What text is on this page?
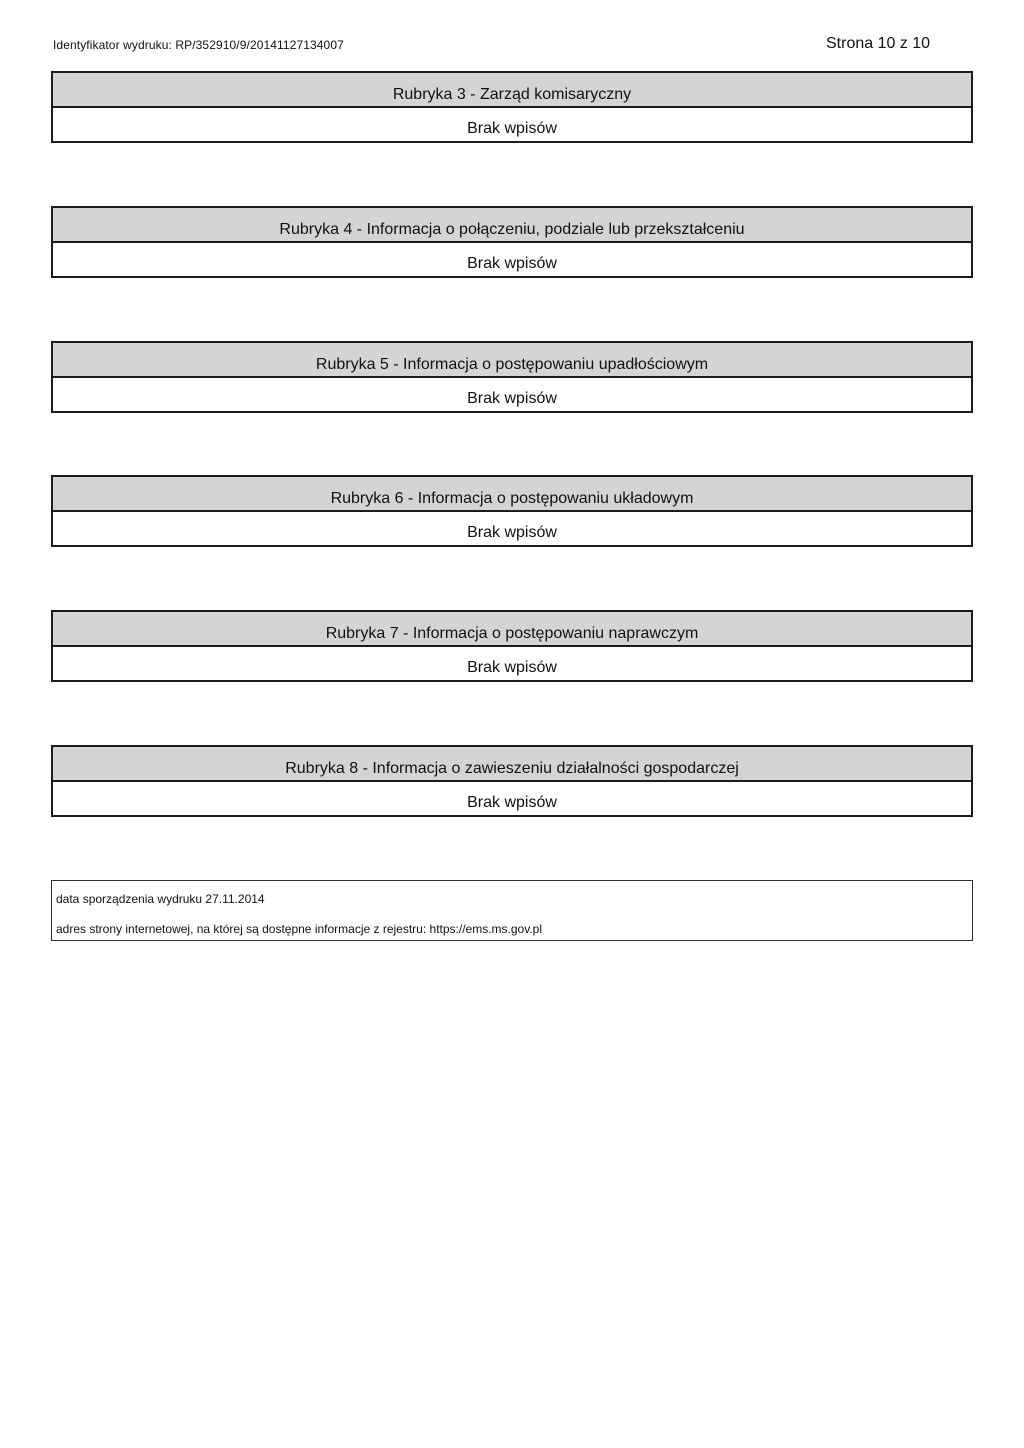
Identyfikator wydruku: RP/352910/9/20141127134007	Strona 10 z 10
Rubryka 3 - Zarząd komisaryczny
Brak wpisów
Rubryka 4 - Informacja o połączeniu, podziale lub przekształceniu
Brak wpisów
Rubryka 5 - Informacja o postępowaniu upadłościowym
Brak wpisów
Rubryka 6 - Informacja o postępowaniu układowym
Brak wpisów
Rubryka 7 - Informacja o postępowaniu naprawczym
Brak wpisów
Rubryka 8 - Informacja o zawieszeniu działalności gospodarczej
Brak wpisów
data sporządzenia wydruku 27.11.2014
adres strony internetowej, na której są dostępne informacje z rejestru: https://ems.ms.gov.pl
